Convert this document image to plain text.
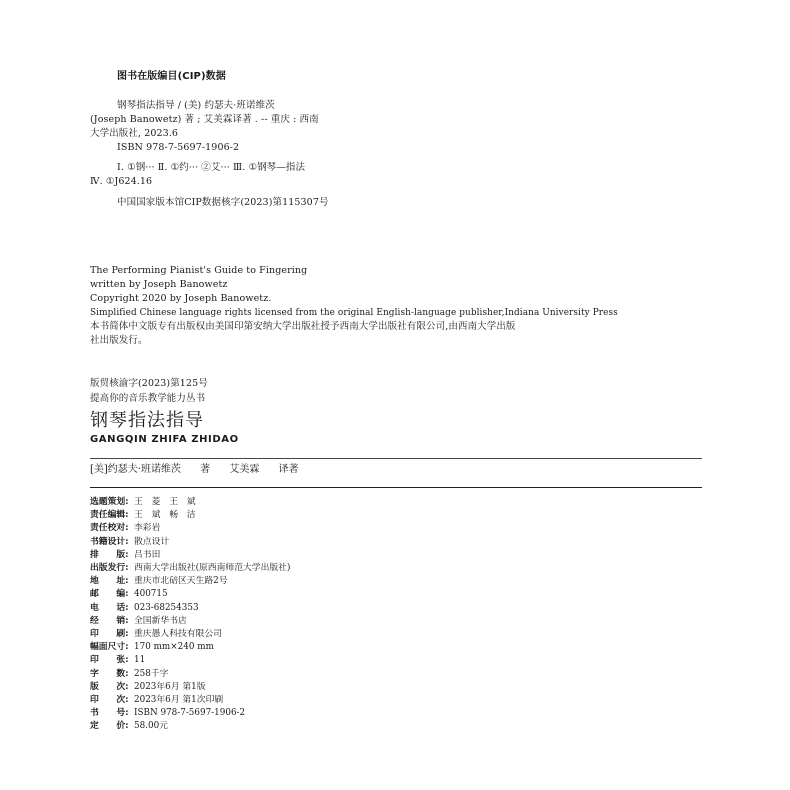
图书在版编目(CIP)数据
钢琴指法指导 / (美) 约瑟夫·班诺维茨
(Joseph Banowetz) 著 ; 艾美霖译著 . -- 重庆 : 西南
大学出版社, 2023.6
ISBN 978-7-5697-1906-2
Ⅰ. ①钢··· Ⅱ. ①约··· ②艾··· Ⅲ. ①钢琴—指法
Ⅳ. ①J624.16
中国国家版本馆CIP数据核字(2023)第115307号
The Performing Pianist's Guide to Fingering
written by Joseph Banowetz
Copyright 2020 by Joseph Banowetz.
Simplified Chinese language rights licensed from the original English-language publisher,Indiana University Press
本书简体中文版专有出版权由美国印第安纳大学出版社授予西南大学出版社有限公司,由西南大学出版
社出版发行。
版贸核渝字(2023)第125号
提高你的音乐教学能力丛书
钢琴指法指导
GANGQIN ZHIFA ZHIDAO
[美]约瑟夫·班诺维茨 著 艾美霖 译著
选题策划: 王　菱　王　斌
责任编辑: 王　斌　畅　洁
责任校对: 李彩岩
书籍设计: 散点设计
排　　版: 吕书田
出版发行: 西南大学出版社(原西南师范大学出版社)
地　　址: 重庆市北碚区天生路2号
邮　　编: 400715
电　　话: 023-68254353
经　　销: 全国新华书店
印　　刷: 重庆愚人科技有限公司
幅面尺寸: 170 mm×240 mm
印　　张: 11
字　　数: 258千字
版　　次: 2023年6月 第1版
印　　次: 2023年6月 第1次印刷
书　　号: ISBN 978-7-5697-1906-2
定　　价: 58.00元
